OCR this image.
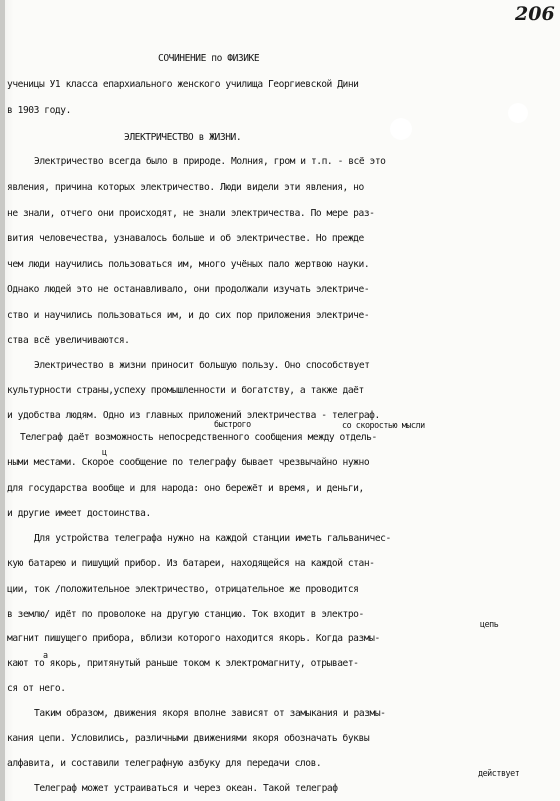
206
СОЧИНЕНИЕ по ФИЗИКЕ
ученицы У1 класса епархиального женского училища Георгиевской Дини
в 1903 году.
ЭЛЕКТРИЧЕСТВО в ЖИЗНИ.
Электричество всегда было в природе. Молния, гром и т.п. - всё это
явления, причина которых электричество. Люди видели эти явления, но
не знали, отчего они происходят, не знали электричества. По мере раз-
вития человечества, узнавалось больше и об электричестве. Но прежде
чем люди научились пользоваться им, много учёных пало жертвою науки.
Однако людей это не останавливало, они продолжали изучать электриче-
ство и научились пользоваться им, и до сих пор приложения электриче-
ства всё увеличиваются.
Электричество в жизни приносит большую пользу. Оно способствует
культурности страны,успеху промышленности и богатству, а также даёт
и удобства людям. Одно из главных приложений электричества - телеграф.
быстрого	со скоростью мысли
Телеграф даёт возможность непосредственного сообщения между отдель-
ц
ными местами. Скорое сообщение по телеграфу бывает чрезвычайно нужно
для государства вообще и для народа: оно бережёт и время, и деньги,
и другие имеет достоинства.
Для устройства телеграфа нужно на каждой станции иметь гальваничес-
кую батарею и пишущий прибор. Из батареи, находящейся на каждой стан-
ции, ток /положительное электричество, отрицательное же проводится
в землю/ идёт по проволоке на другую станцию. Ток входит в электро-
цепь
магнит пишущего прибора, вблизи которого находится якорь. Когда размы-
а
кают то якорь, притянутый раньше током к электромагниту, отрывает-
ся от него.
Таким образом, движения якоря вполне зависят от замыкания и размы-
кания цепи. Условились, различными движениями якоря обозначать буквы
алфавита, и составили телеграфную азбуку для передачи слов.
действует
Телеграф может устраиваться и через океан. Такой телеграф
